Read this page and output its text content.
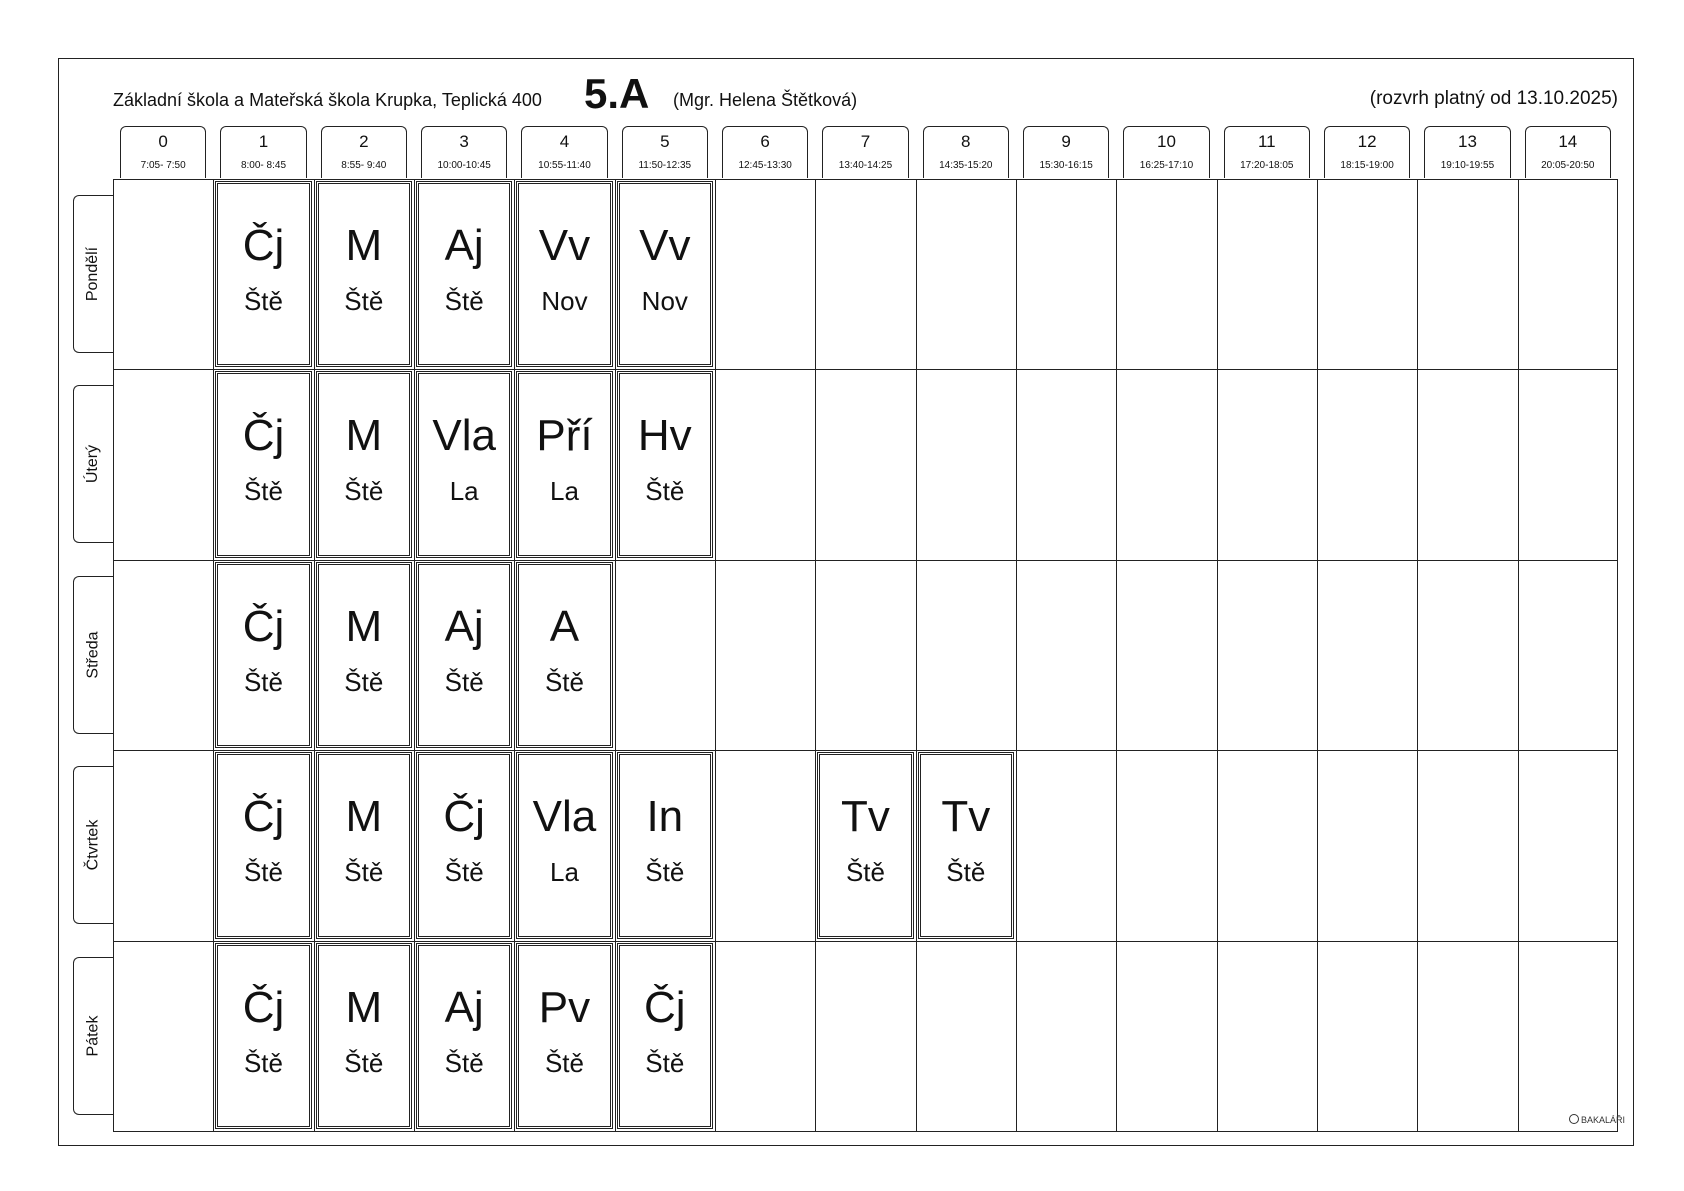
Základní škola a Mateřská škola Krupka, Teplická 400 5.A (Mgr. Helena Štětková)	(rozvrh platný od 13.10.2025)
0
7:05- 7:50
1
8:00- 8:45
2
8:55- 9:40
3
10:00-10:45
4
10:55-11:40
5
11:50-12:35
6
12:45-13:30
7
13:40-14:25
8
14:35-15:20
9
15:30-16:15
10
16:25-17:10
11
17:20-18:05
12
18:15-19:00
13
19:10-19:55
14
20:05-20:50
Pondělí
Úterý
Středa
Čtvrtek
Pátek
Čj
Ště
M
Ště
Aj
Ště
Vv
Nov
Vv
Nov
Čj
Ště
M
Ště
Vla
La
Pří
La
Hv
Ště
Čj
Ště
M
Ště
Aj
Ště
A
Ště
Čj
Ště
M
Ště
Čj
Ště
Vla
La
In
Ště
Tv
Ště
Tv
Ště
Čj
Ště
M
Ště
Aj
Ště
Pv
Ště
Čj
Ště
BAKALÁŘI
